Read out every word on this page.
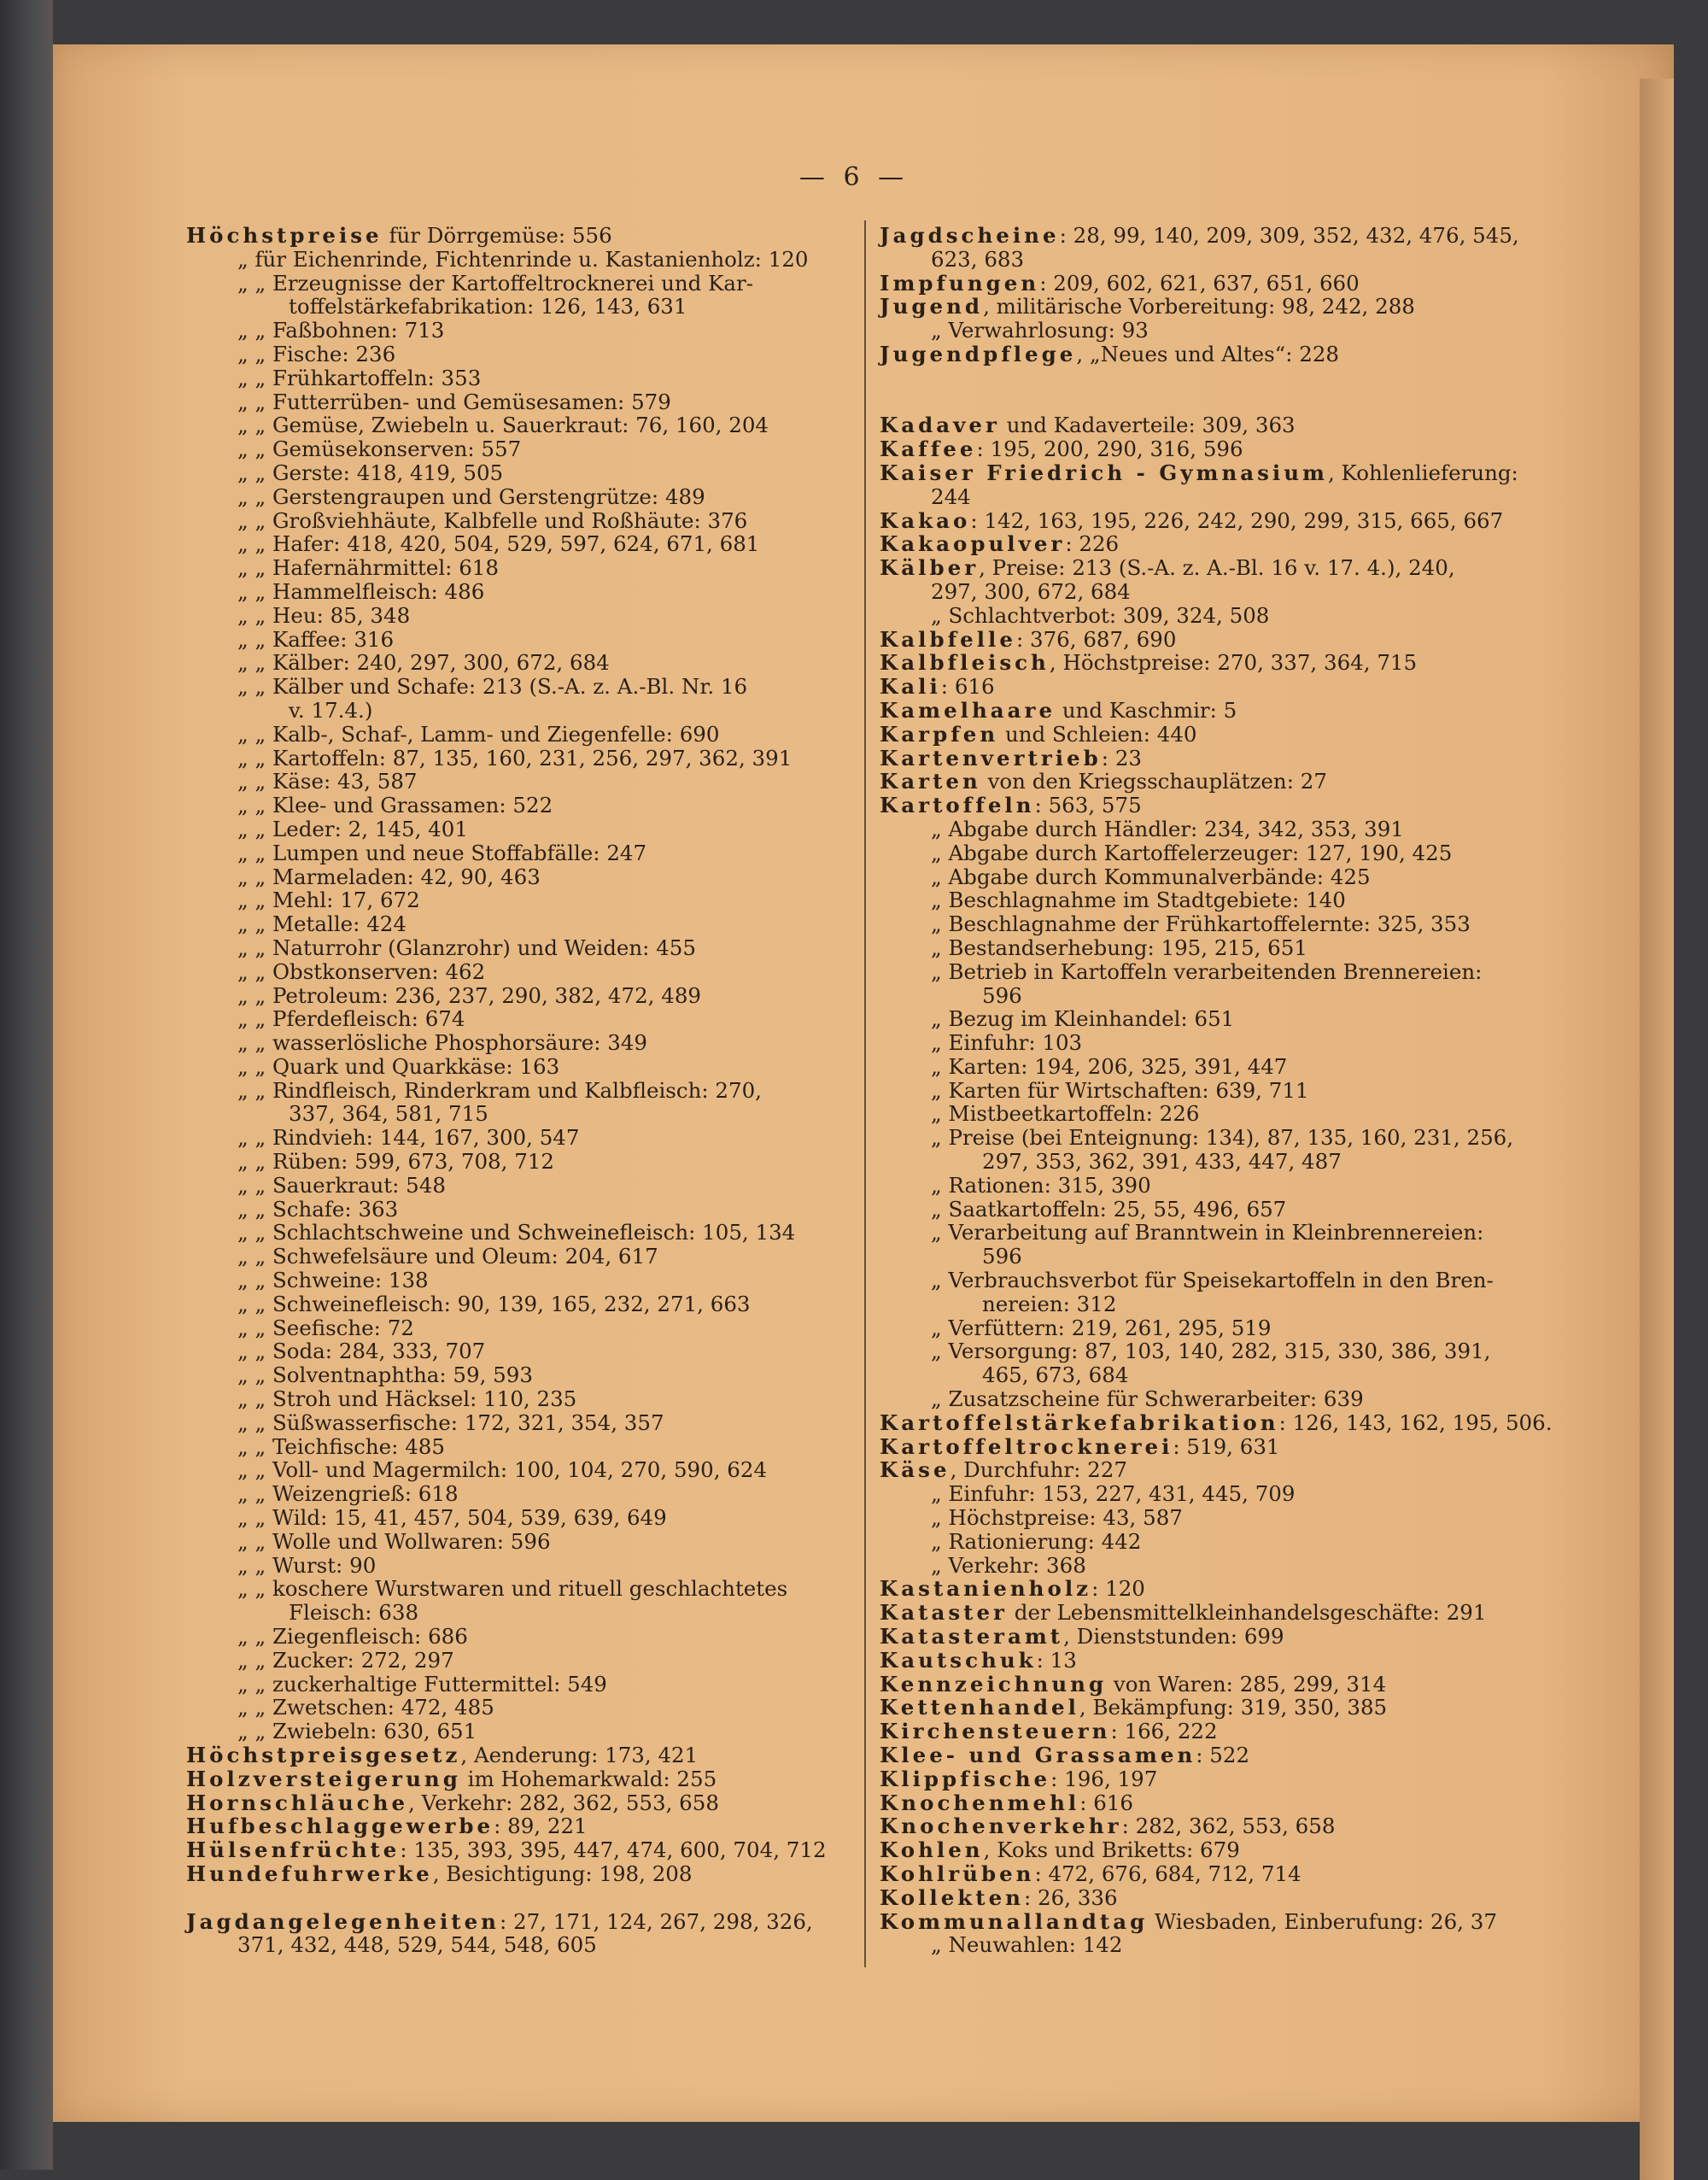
— 6 —
Höchstpreise für Dörrgemüse: 556
„ für Eichenrinde, Fichtenrinde u. Kastanienholz: 120
„ „ Erzeugnisse der Kartoffeltrocknerei und Kar-
toffelstärkefabrikation: 126, 143, 631
„ „ Faßbohnen: 713
„ „ Fische: 236
„ „ Frühkartoffeln: 353
„ „ Futterrüben- und Gemüsesamen: 579
„ „ Gemüse, Zwiebeln u. Sauerkraut: 76, 160, 204
„ „ Gemüsekonserven: 557
„ „ Gerste: 418, 419, 505
„ „ Gerstengraupen und Gerstengrütze: 489
„ „ Großviehhäute, Kalbfelle und Roßhäute: 376
„ „ Hafer: 418, 420, 504, 529, 597, 624, 671, 681
„ „ Hafernährmittel: 618
„ „ Hammelfleisch: 486
„ „ Heu: 85, 348
„ „ Kaffee: 316
„ „ Kälber: 240, 297, 300, 672, 684
„ „ Kälber und Schafe: 213 (S.-A. z. A.-Bl. Nr. 16
v. 17.4.)
„ „ Kalb-, Schaf-, Lamm- und Ziegenfelle: 690
„ „ Kartoffeln: 87, 135, 160, 231, 256, 297, 362, 391
„ „ Käse: 43, 587
„ „ Klee- und Grassamen: 522
„ „ Leder: 2, 145, 401
„ „ Lumpen und neue Stoffabfälle: 247
„ „ Marmeladen: 42, 90, 463
„ „ Mehl: 17, 672
„ „ Metalle: 424
„ „ Naturrohr (Glanzrohr) und Weiden: 455
„ „ Obstkonserven: 462
„ „ Petroleum: 236, 237, 290, 382, 472, 489
„ „ Pferdefleisch: 674
„ „ wasserlösliche Phosphorsäure: 349
„ „ Quark und Quarkkäse: 163
„ „ Rindfleisch, Rinderkram und Kalbfleisch: 270,
337, 364, 581, 715
„ „ Rindvieh: 144, 167, 300, 547
„ „ Rüben: 599, 673, 708, 712
„ „ Sauerkraut: 548
„ „ Schafe: 363
„ „ Schlachtschweine und Schweinefleisch: 105, 134
„ „ Schwefelsäure und Oleum: 204, 617
„ „ Schweine: 138
„ „ Schweinefleisch: 90, 139, 165, 232, 271, 663
„ „ Seefische: 72
„ „ Soda: 284, 333, 707
„ „ Solventnaphtha: 59, 593
„ „ Stroh und Häcksel: 110, 235
„ „ Süßwasserfische: 172, 321, 354, 357
„ „ Teichfische: 485
„ „ Voll- und Magermilch: 100, 104, 270, 590, 624
„ „ Weizengrieß: 618
„ „ Wild: 15, 41, 457, 504, 539, 639, 649
„ „ Wolle und Wollwaren: 596
„ „ Wurst: 90
„ „ koschere Wurstwaren und rituell geschlachtetes
Fleisch: 638
„ „ Ziegenfleisch: 686
„ „ Zucker: 272, 297
„ „ zuckerhaltige Futtermittel: 549
„ „ Zwetschen: 472, 485
„ „ Zwiebeln: 630, 651
Höchstpreisgesetz, Aenderung: 173, 421
Holzversteigerung im Hohemarkwald: 255
Hornschläuche, Verkehr: 282, 362, 553, 658
Hufbeschlaggewerbe: 89, 221
Hülsenfrüchte: 135, 393, 395, 447, 474, 600, 704, 712
Hundefuhrwerke, Besichtigung: 198, 208
Jagdangelegenheiten: 27, 171, 124, 267, 298, 326,
371, 432, 448, 529, 544, 548, 605
Jagdscheine: 28, 99, 140, 209, 309, 352, 432, 476, 545,
623, 683
Impfungen: 209, 602, 621, 637, 651, 660
Jugend, militärische Vorbereitung: 98, 242, 288
„ Verwahrlosung: 93
Jugendpflege, „Neues und Altes“: 228
Kadaver und Kadaverteile: 309, 363
Kaffee: 195, 200, 290, 316, 596
Kaiser Friedrich - Gymnasium, Kohlenlieferung:
244
Kakao: 142, 163, 195, 226, 242, 290, 299, 315, 665, 667
Kakaopulver: 226
Kälber, Preise: 213 (S.-A. z. A.-Bl. 16 v. 17. 4.), 240,
297, 300, 672, 684
„ Schlachtverbot: 309, 324, 508
Kalbfelle: 376, 687, 690
Kalbfleisch, Höchstpreise: 270, 337, 364, 715
Kali: 616
Kamelhaare und Kaschmir: 5
Karpfen und Schleien: 440
Kartenvertrieb: 23
Karten von den Kriegsschauplätzen: 27
Kartoffeln: 563, 575
„ Abgabe durch Händler: 234, 342, 353, 391
„ Abgabe durch Kartoffelerzeuger: 127, 190, 425
„ Abgabe durch Kommunalverbände: 425
„ Beschlagnahme im Stadtgebiete: 140
„ Beschlagnahme der Frühkartoffelernte: 325, 353
„ Bestandserhebung: 195, 215, 651
„ Betrieb in Kartoffeln verarbeitenden Brennereien:
596
„ Bezug im Kleinhandel: 651
„ Einfuhr: 103
„ Karten: 194, 206, 325, 391, 447
„ Karten für Wirtschaften: 639, 711
„ Mistbeetkartoffeln: 226
„ Preise (bei Enteignung: 134), 87, 135, 160, 231, 256,
297, 353, 362, 391, 433, 447, 487
„ Rationen: 315, 390
„ Saatkartoffeln: 25, 55, 496, 657
„ Verarbeitung auf Branntwein in Kleinbrennereien:
596
„ Verbrauchsverbot für Speisekartoffeln in den Bren-
nereien: 312
„ Verfüttern: 219, 261, 295, 519
„ Versorgung: 87, 103, 140, 282, 315, 330, 386, 391,
465, 673, 684
„ Zusatzscheine für Schwerarbeiter: 639
Kartoffelstärkefabrikation: 126, 143, 162, 195, 506.
Kartoffeltrocknerei: 519, 631
Käse, Durchfuhr: 227
„ Einfuhr: 153, 227, 431, 445, 709
„ Höchstpreise: 43, 587
„ Rationierung: 442
„ Verkehr: 368
Kastanienholz: 120
Kataster der Lebensmittelkleinhandelsgeschäfte: 291
Katasteramt, Dienststunden: 699
Kautschuk: 13
Kennzeichnung von Waren: 285, 299, 314
Kettenhandel, Bekämpfung: 319, 350, 385
Kirchensteuern: 166, 222
Klee- und Grassamen: 522
Klippfische: 196, 197
Knochenmehl: 616
Knochenverkehr: 282, 362, 553, 658
Kohlen, Koks und Briketts: 679
Kohlrüben: 472, 676, 684, 712, 714
Kollekten: 26, 336
Kommunallandtag Wiesbaden, Einberufung: 26, 37
„ Neuwahlen: 142
